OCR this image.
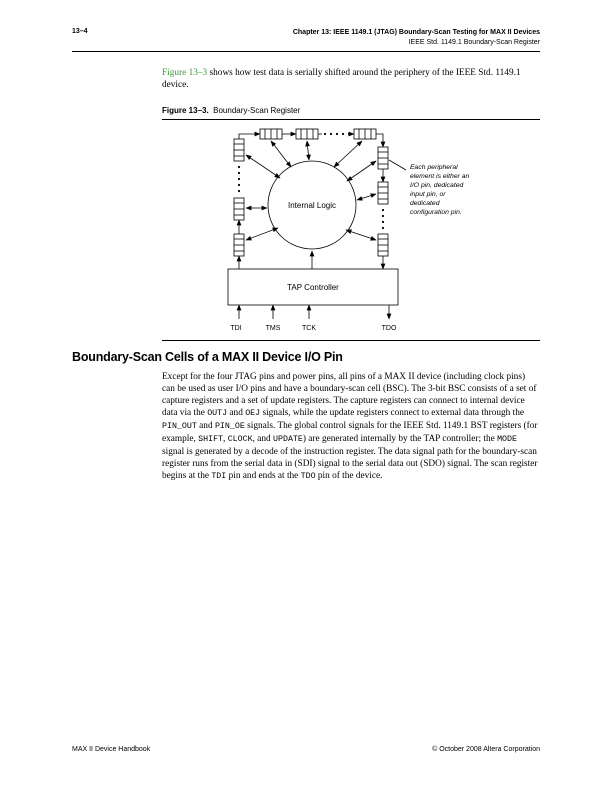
13–4	Chapter 13: IEEE 1149.1 (JTAG) Boundary-Scan Testing for MAX II Devices
IEEE Std. 1149.1 Boundary-Scan Register
Figure 13–3 shows how test data is serially shifted around the periphery of the IEEE Std. 1149.1 device.
Figure 13–3. Boundary-Scan Register
Internal Logic
TAP Controller
Each peripheral
element is either an
I/O pin, dedicated
input pin, or
dedicated
configuration pin.
TDI	TMS	TCK	TDO
Boundary-Scan Cells of a MAX II Device I/O Pin
Except for the four JTAG pins and power pins, all pins of a MAX II device (including clock pins) can be used as user I/O pins and have a boundary-scan cell (BSC). The 3-bit BSC consists of a set of capture registers and a set of update registers. The capture registers can connect to internal device data via the OUTJ and OEJ signals, while the update registers connect to external data through the PIN_OUT and PIN_OE signals. The global control signals for the IEEE Std. 1149.1 BST registers (for example, SHIFT, CLOCK, and UPDATE) are generated internally by the TAP controller; the MODE signal is generated by a decode of the instruction register. The data signal path for the boundary-scan register runs from the serial data in (SDI) signal to the serial data out (SDO) signal. The scan register begins at the TDI pin and ends at the TDO pin of the device.
MAX II Device Handbook	© October 2008 Altera Corporation
